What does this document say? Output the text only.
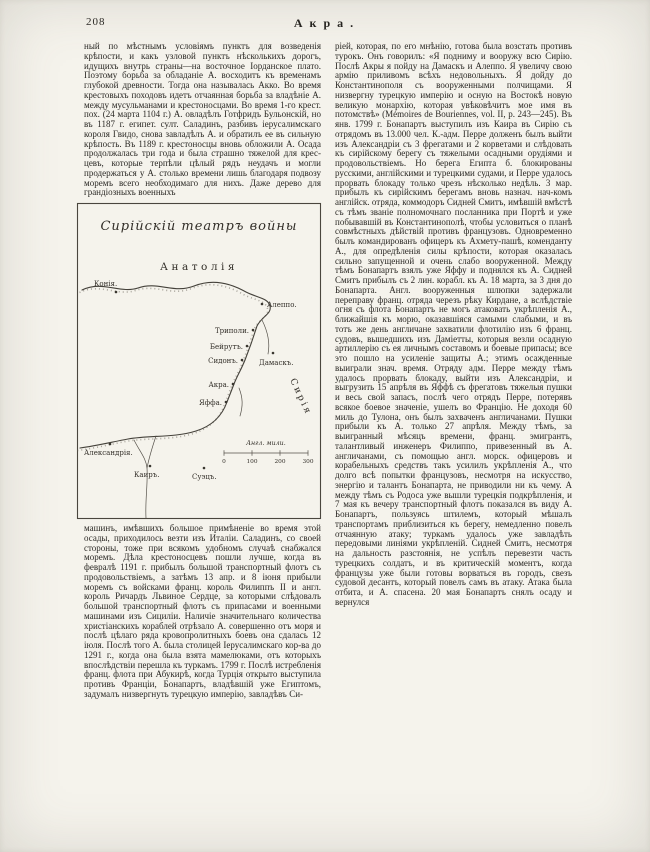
208	Акра.
ный по мѣстнымъ условіямъ пунктъ для возведенія крѣпости, и какъ узловой пунктъ нѣсколькихъ дорогъ, идущихъ внутрь страны—на восточное Іорданское плато. Поэтому борьба за обладаніе А. восходитъ къ временамъ глубокой древности. Тогда она называлась Акко. Во время крестовыхъ походовъ идетъ отчаянная борьба за владѣніе А. между мусульманами и крестоносцами. Во время 1-го крест. пох. (24 марта 1104 г.) А. овладѣлъ Готфридъ Бульонскій, но въ 1187 г. египет. султ. Саладинъ, разбивъ іерусалимскаго короля Гвидо, снова завладѣлъ А. и обратилъ ее въ сильную крѣпость. Въ 1189 г. крестоносцы вновь обложили А. Осада продолжалась три года и была страшно тяжелой для крес-цевъ, которые терпѣли цѣлый рядъ неудачъ и могли продержаться у А. столько времени лишь благодаря подвозу моремъ всего необходимаго для нихъ. Даже дерево для грандіозныхъ военныхъ
Сирійскій театръ войны
Анатолія
Конія.
Алеппо.
Триполи.
Бейрутъ.
Сидонъ.	Дамаскъ.
Акра.
Яффа.	Сирія
Александрія.
Каиръ.	Суэцъ.
Англ. мили.
0	100	200	300
машинъ, имѣвшихъ большое примѣненіе во время этой осады, приходилось везти изъ Италіи. Саладинъ, со своей стороны, тоже при всякомъ удобномъ случаѣ снабжался моремъ. Дѣла крестоносцевъ пошли лучше, когда въ февралѣ 1191 г. прибылъ большой транспортный флотъ съ продовольствіемъ, а затѣмъ 13 апр. и 8 іюня прибыли моремъ съ войсками франц. король Филиппъ II и англ. король Ричардъ Львиное Сердце, за которыми слѣдовалъ большой транспортный флотъ съ припасами и военными машинами изъ Сициліи. Наличіе значительнаго количества христіанскихъ кораблей отрѣзало А. совершенно отъ моря и послѣ цѣлаго ряда кровопролитныхъ боевъ она сдалась 12 іюля. Послѣ того А. была столицей Іерусалимскаго кор-ва до 1291 г., когда она была взята мамелюками, отъ которыхъ впослѣдствіи перешла къ туркамъ. 1799 г. Послѣ истребленія франц. флота при Абукирѣ, когда Турція открыто выступила противъ Франціи, Бонапартъ, владѣвшій уже Египтомъ, задумалъ низвергнуть турецкую имперію, завладѣвъ Си-
ріей, которая, по его мнѣнію, готова была возстать противъ турокъ. Онъ говорилъ: «Я подниму и вооружу всю Сирію. Послѣ Акры я пойду на Дамаскъ и Алеппо. Я увеличу свою армію приливомъ всѣхъ недовольныхъ. Я дойду до Константинополя съ вооруженными полчищами. Я низвергну турецкую имперію и осную на Востокѣ новую великую монархію, которая увѣковѣчитъ мое имя въ потомствѣ» (Mémoires de Bouriennes, vol. II, p. 243—245). Въ янв. 1799 г. Бонапартъ выступилъ изъ Каира въ Сирію съ отрядомъ въ 13.000 чел. К.-адм. Перре долженъ былъ выйти изъ Александріи съ 3 фрегатами и 2 корветами и слѣдовать къ сирійскому берегу съ тяжелыми осадными орудіями и продовольствіемъ. Но берега Египта б. блокированы русскими, англійскими и турецкими судами, и Перре удалось прорвать блокаду только чрезъ нѣсколько недѣль. 3 мар. прибылъ къ сирійскимъ берегамъ вновь назнач. нач-комъ англійск. отряда, коммодоръ Сидней Смитъ, имѣвшій вмѣстѣ съ тѣмъ званіе полномочнаго посланника при Портѣ и уже побывавшій въ Константинополѣ, чтобы условиться о планѣ совмѣстныхъ дѣйствій противъ французовъ. Одновременно былъ командированъ офицеръ къ Ахмету-пашѣ, коменданту А., для опредѣленія силы крѣпости, которая оказалась сильно запущенной и очень слабо вооруженной. Между тѣмъ Бонапартъ взялъ уже Яффу и поднялся къ А. Сидней Смитъ прибылъ съ 2 лин. корабл. къ А. 18 марта, за 3 дня до Бонапарта. Англ. вооруженныя шлюпки задержали переправу франц. отряда черезъ рѣку Кирдане, а вслѣдствіе огня съ флота Бонапартъ не могъ атаковать укрѣпленія А., ближайшія къ морю, оказавшіяся самыми слабыми, и въ тотъ же день англичане захватили флотилію изъ 6 франц. судовъ, вышедшихъ изъ Даміетты, которыя везли осадную артиллерію съ ея личнымъ составомъ и боевые припасы; все это пошло на усиленіе защиты А.; этимъ осажденные выиграли знач. время. Отряду адм. Перре между тѣмъ удалось прорвать блокаду, выйти изъ Александріи, и выгрузить 15 апрѣля въ Яффѣ съ фрегатовъ тяжелыя пушки и весь свой запасъ, послѣ чего отрядъ Перре, потерявъ всякое боевое значеніе, ушелъ во Францію. Не доходя 60 миль до Тулона, онъ былъ захваченъ англичанами. Пушки прибыли къ А. только 27 апрѣля. Между тѣмъ, за выигранный мѣсяцъ времени, франц. эмигрантъ, талантливый инженеръ Филиппо, привезенный въ А. англичанами, съ помощью англ. морск. офицеровъ и корабельныхъ средствъ такъ усилилъ укрѣпленія А., что долго всѣ попытки французовъ, несмотря на искусство, энергію и талантъ Бонапарта, не приводили ни къ чему. А между тѣмъ съ Родоса уже вышли турецкія подкрѣпленія, и 7 мая къ вечеру транспортный флотъ показался въ виду А. Бонапартъ, пользуясь штилемъ, который мѣшалъ транспортамъ приблизиться къ берегу, немедленно повелъ отчаянную атаку; туркамъ удалось уже завладѣть передовыми линіями укрѣпленій. Сидней Смитъ, несмотря на дальность разстоянія, не успѣлъ перевезти часть турецкихъ солдатъ, и въ критическій моментъ, когда французы уже были готовы ворваться въ городъ, свезъ судовой десантъ, который повелъ самъ въ атаку. Атака была отбита, и А. спасена. 20 мая Бонапартъ снялъ осаду и вернулся
